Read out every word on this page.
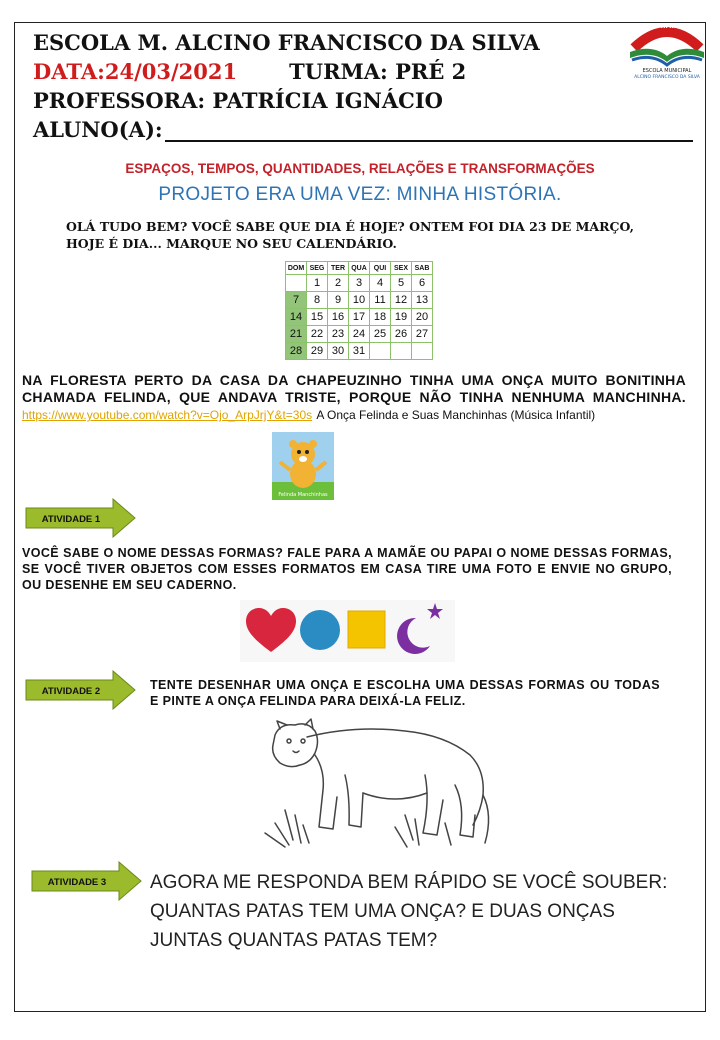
ESCOLA M. ALCINO FRANCISCO DA SILVA
DATA:24/03/2021 TURMA: PRÉ 2
PROFESSORA: PATRÍCIA IGNÁCIO
ALUNO(A):
E.M.A.F.S
ESCOLA MUNICIPAL
ALCINO FRANCISCO DA SILVA
ESPAÇOS, TEMPOS, QUANTIDADES, RELAÇÕES E TRANSFORMAÇÕES
PROJETO ERA UMA VEZ: MINHA HISTÓRIA.
OLÁ TUDO BEM? VOCÊ SABE QUE DIA É HOJE? ONTEM FOI DIA 23 DE MARÇO, HOJE É DIA... MARQUE NO SEU CALENDÁRIO.
DOM	SEG	TER	QUA	QUI	SEX	SAB
	1	2	3	4	5	6
7	8	9	10	11	12	13
14	15	16	17	18	19	20
21	22	23	24	25	26	27
28	29	30	31			
NA FLORESTA PERTO DA CASA DA CHAPEUZINHO TINHA UMA ONÇA MUITO BONITINHA CHAMADA FELINDA, QUE ANDAVA TRISTE, PORQUE NÃO TINHA NENHUMA MANCHINHA. https://www.youtube.com/watch?v=Ojo_ArpJrjY&t=30s A Onça Felinda e Suas Manchinhas (Música Infantil)
Felinda Manchinhas
ATIVIDADE 1
VOCÊ SABE O NOME DESSAS FORMAS? FALE PARA A MAMÃE OU PAPAI O NOME DESSAS FORMAS, SE VOCÊ TIVER OBJETOS COM ESSES FORMATOS EM CASA TIRE UMA FOTO E ENVIE NO GRUPO, OU DESENHE EM SEU CADERNO.
ATIVIDADE 2	TENTE DESENHAR UMA ONÇA E ESCOLHA UMA DESSAS FORMAS OU TODAS E PINTE A ONÇA FELINDA PARA DEIXÁ-LA FELIZ.
ATIVIDADE 3 AGORA ME RESPONDA BEM RÁPIDO SE VOCÊ SOUBER: QUANTAS PATAS TEM UMA ONÇA? E DUAS ONÇAS JUNTAS QUANTAS PATAS TEM?
